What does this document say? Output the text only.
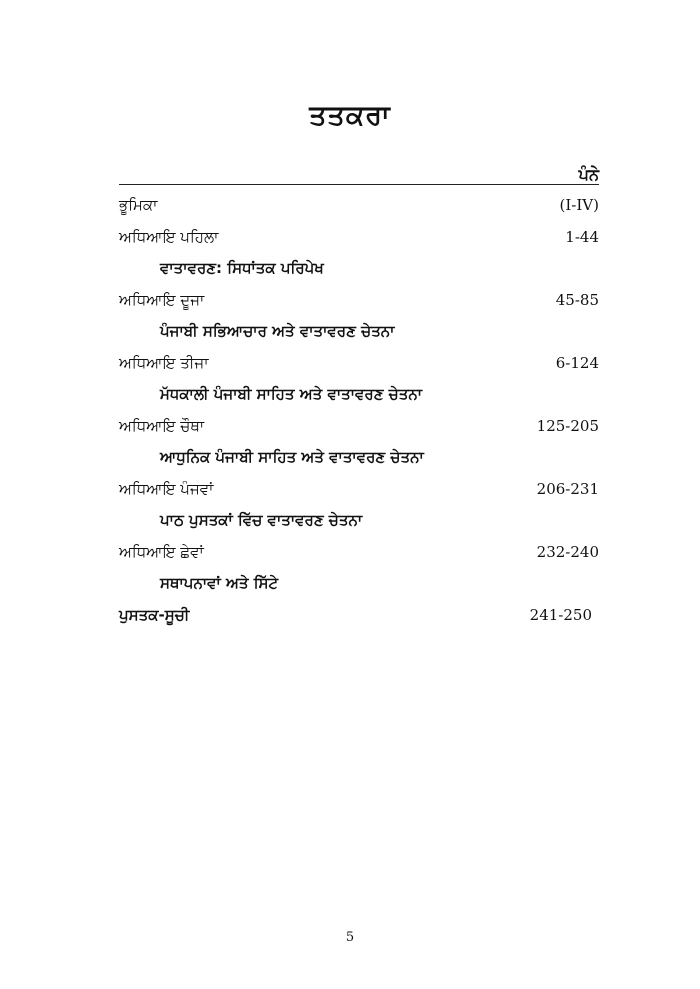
ਤਤਕਰਾ
ਪੰਨੇ
ਭੂਮਿਕਾ	(I-IV)
ਅਧਿਆਇ ਪਹਿਲਾ	1-44
ਵਾਤਾਵਰਣ: ਸਿਧਾਂਤਕ ਪਰਿਪੇਖ
ਅਧਿਆਇ ਦੂਜਾ	45-85
ਪੰਜਾਬੀ ਸਭਿਆਚਾਰ ਅਤੇ ਵਾਤਾਵਰਣ ਚੇਤਨਾ
ਅਧਿਆਇ ਤੀਜਾ	6-124
ਮੱਧਕਾਲੀ ਪੰਜਾਬੀ ਸਾਹਿਤ ਅਤੇ ਵਾਤਾਵਰਣ ਚੇਤਨਾ
ਅਧਿਆਇ ਚੌਥਾ	125-205
ਆਧੁਨਿਕ ਪੰਜਾਬੀ ਸਾਹਿਤ ਅਤੇ ਵਾਤਾਵਰਣ ਚੇਤਨਾ
ਅਧਿਆਇ ਪੰਜਵਾਂ	206-231
ਪਾਠ ਪੁਸਤਕਾਂ ਵਿੱਚ ਵਾਤਾਵਰਣ ਚੇਤਨਾ
ਅਧਿਆਇ ਛੇਵਾਂ	232-240
ਸਥਾਪਨਾਵਾਂ ਅਤੇ ਸਿੱਟੇ
ਪੁਸਤਕ-ਸੂਚੀ	241-250
5
